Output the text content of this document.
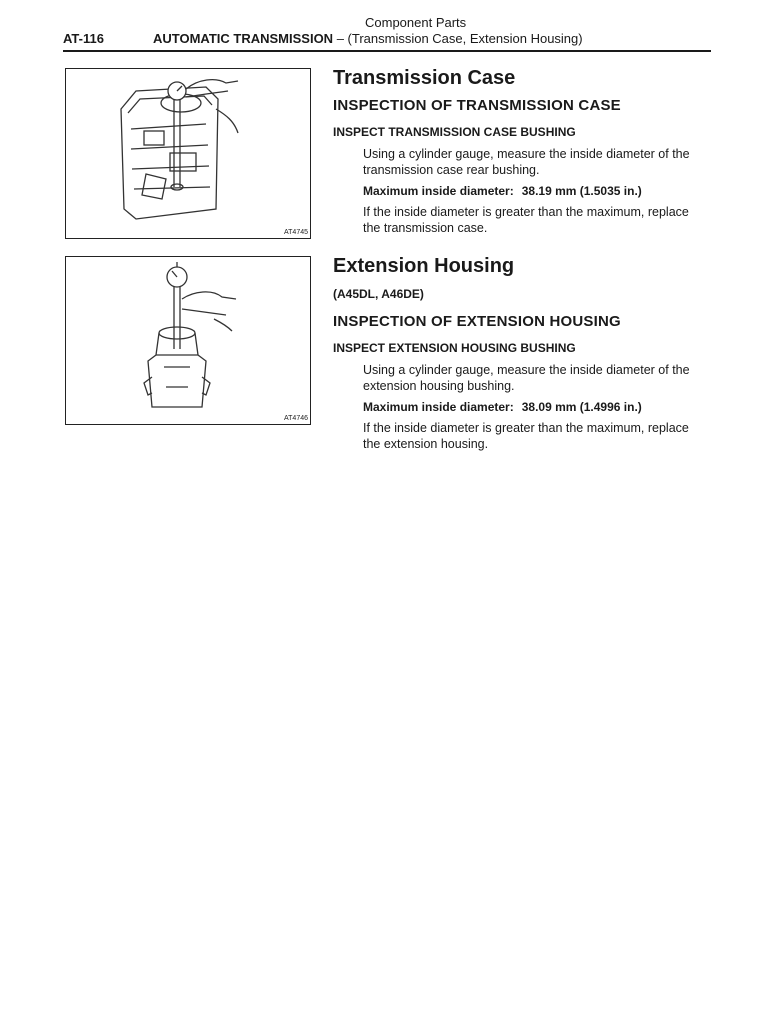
Component Parts
AT-116	AUTOMATIC TRANSMISSION – (Transmission Case, Extension Housing)
AT4745
AT4746
Transmission Case
INSPECTION OF TRANSMISSION CASE
INSPECT TRANSMISSION CASE BUSHING

Using a cylinder gauge, measure the inside diameter of the transmission case rear bushing.

Maximum inside diameter: 38.19 mm (1.5035 in.)

If the inside diameter is greater than the maximum, replace the transmission case.

Extension Housing
(A45DL, A46DE)
INSPECTION OF EXTENSION HOUSING
INSPECT EXTENSION HOUSING BUSHING

Using a cylinder gauge, measure the inside diameter of the extension housing bushing.

Maximum inside diameter: 38.09 mm (1.4996 in.)

If the inside diameter is greater than the maximum, replace the extension housing.
